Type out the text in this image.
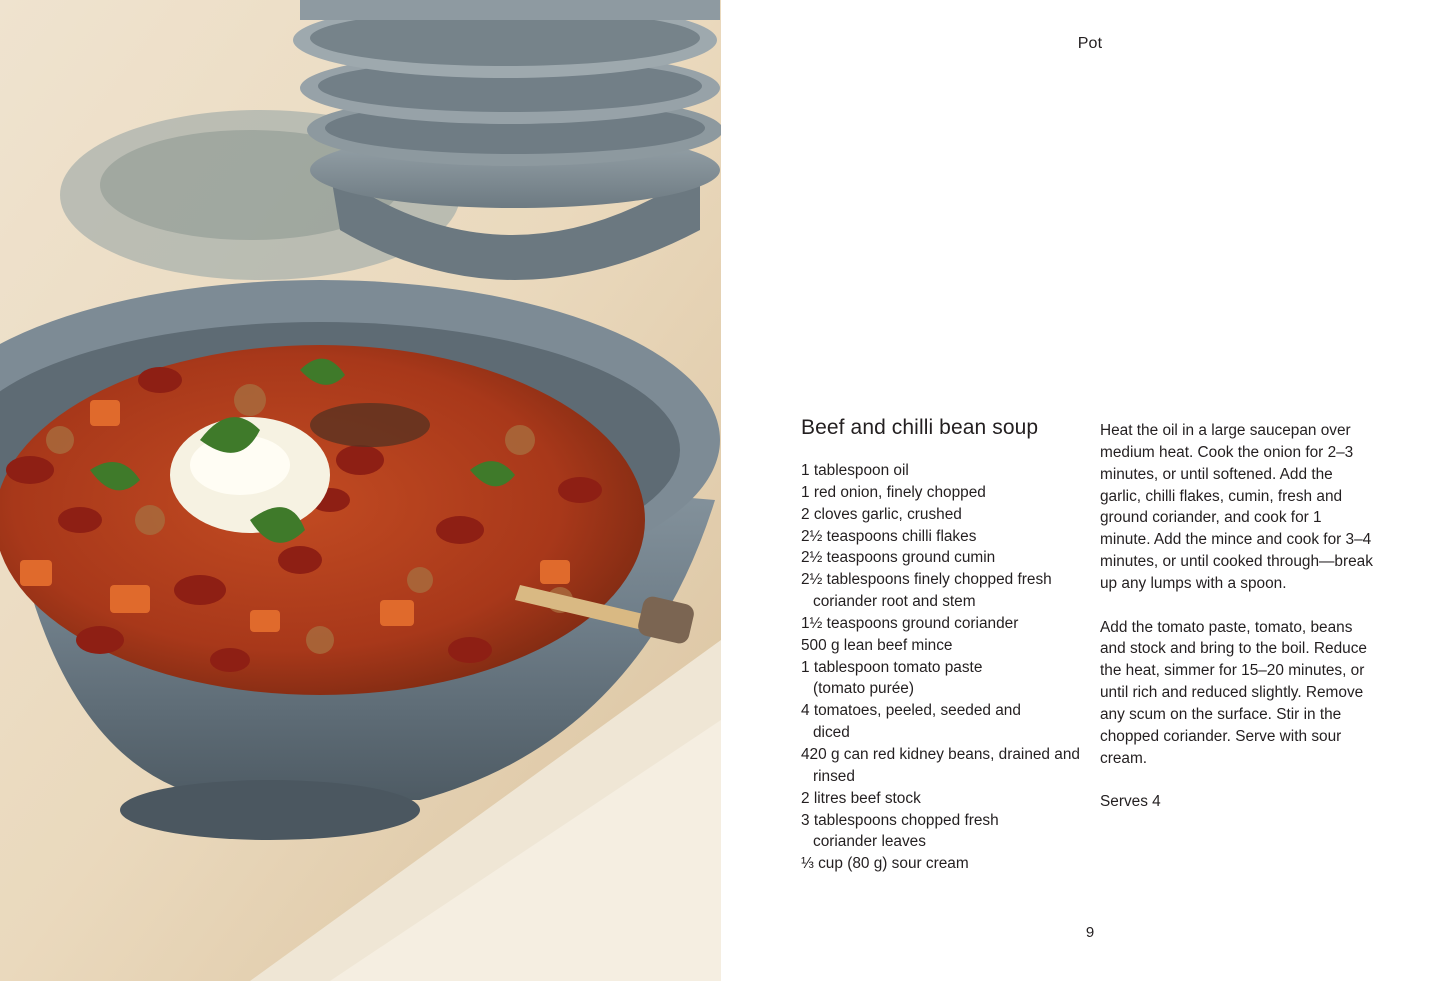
Pot
Beef and chilli bean soup
1 tablespoon oil
1 red onion, finely chopped
2 cloves garlic, crushed
2½ teaspoons chilli flakes
2½ teaspoons ground cumin
2½ tablespoons finely chopped fresh coriander root and stem
1½ teaspoons ground coriander
500 g lean beef mince
1 tablespoon tomato paste (tomato purée)
4 tomatoes, peeled, seeded and diced
420 g can red kidney beans, drained and rinsed
2 litres beef stock
3 tablespoons chopped fresh coriander leaves
⅓ cup (80 g) sour cream

Heat the oil in a large saucepan over medium heat. Cook the onion for 2–3 minutes, or until softened. Add the garlic, chilli flakes, cumin, fresh and ground coriander, and cook for 1 minute. Add the mince and cook for 3–4 minutes, or until cooked through—break up any lumps with a spoon.

Add the tomato paste, tomato, beans and stock and bring to the boil. Reduce the heat, simmer for 15–20 minutes, or until rich and reduced slightly. Remove any scum on the surface. Stir in the chopped coriander. Serve with sour cream.

Serves 4

9
